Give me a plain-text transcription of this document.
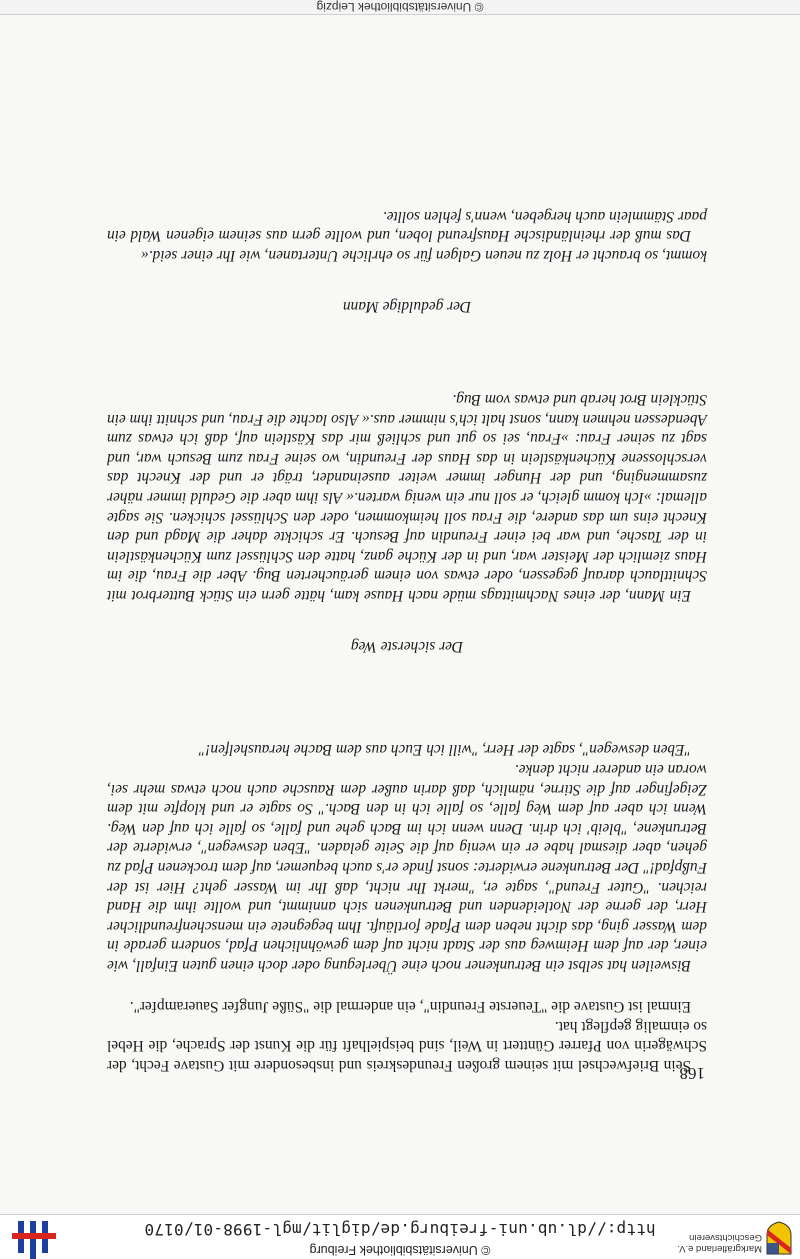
Sein Briefwechsel mit seinem großen Freundeskreis und insbesondere mit Gustave Fecht, der Schwägerin von Pfarrer Günttert in Weil, sind beispielhaft für die Kunst der Sprache, die Hebel so einmalig gepflegt hat.

Einmal ist Gustave die "Teuerste Freundin", ein andermal die "Süße Jungfer Sauerampfer".

Bisweilen hat selbst ein Betrunkener noch eine Überlegung oder doch einen guten Einfall, wie einer, der auf dem Heimweg aus der Stadt nicht auf dem gewöhnlichen Pfad, sondern gerade in dem Wasser ging, das dicht neben dem Pfade fortläuft. Ihm begegnete ein menschenfreundlicher Herr, der gerne der Notleidenden und Betrunkenen sich annimmt, und wollte ihm die Hand reichen. "Guter Freund", sagte er, "merkt Ihr nicht, daß Ihr im Wasser geht? Hier ist der Fußpfad!" Der Betrunkene erwiderte: sonst finde er's auch bequemer, auf dem trockenen Pfad zu gehen, aber diesmal habe er ein wenig auf die Seite geladen. "Eben deswegen", erwiderte der Betrunkene, "bleib' ich drin. Denn wenn ich im Bach gehe und falle, so falle ich auf den Weg. Wenn ich aber auf dem Weg falle, so falle ich in den Bach." So sagte er und klopfte mit dem Zeigefinger auf die Stirne, nämlich, daß darin außer dem Rausche auch noch etwas mehr sei, woran ein anderer nicht denke.

"Eben deswegen", sagte der Herr, "will ich Euch aus dem Bache heraushelfen!"

Der sicherste Weg

Ein Mann, der eines Nachmittags müde nach Hause kam, hätte gern ein Stück Butterbrot mit Schnittlauch darauf gegessen, oder etwas von einem geräucherten Bug. Aber die Frau, die im Haus ziemlich der Meister war, und in der Küche ganz, hatte den Schlüssel zum Küchenkästlein in der Tasche, und war bei einer Freundin auf Besuch. Er schickte daher die Magd und den Knecht eins um das andere, die Frau soll heimkommen, oder den Schlüssel schicken. Sie sagte allemal: »Ich komm gleich, er soll nur ein wenig warten.« Als ihm aber die Geduld immer näher zusammenging, und der Hunger immer weiter auseinander, trägt er und der Knecht das verschlossene Küchenkästlein in das Haus der Freundin, wo seine Frau zum Besuch war, und sagt zu seiner Frau: »Frau, sei so gut und schließ mir das Kästlein auf, daß ich etwas zum Abendessen nehmen kann, sonst halt ich's nimmer aus.« Also lachte die Frau, und schnitt ihm ein Stücklein Brot herab und etwas vom Bug.

Der geduldige Mann

kommt, so braucht er Holz zu neuen Galgen für so ehrliche Untertanen, wie Ihr einer seid.«

Das muß der rheinländische Hausfreund loben, und wollte gern aus seinem eigenen Wald ein paar Stämmlein auch hergeben, wenn's fehlen sollte.

168
Markgräflerland e.V.
Geschichtsverein
© Universitätsbibliothek Freiburg
http://dl.ub.uni-freiburg.de/diglit/mgl-1998-01/0170
© Universitätsbibliothek Leipzig
